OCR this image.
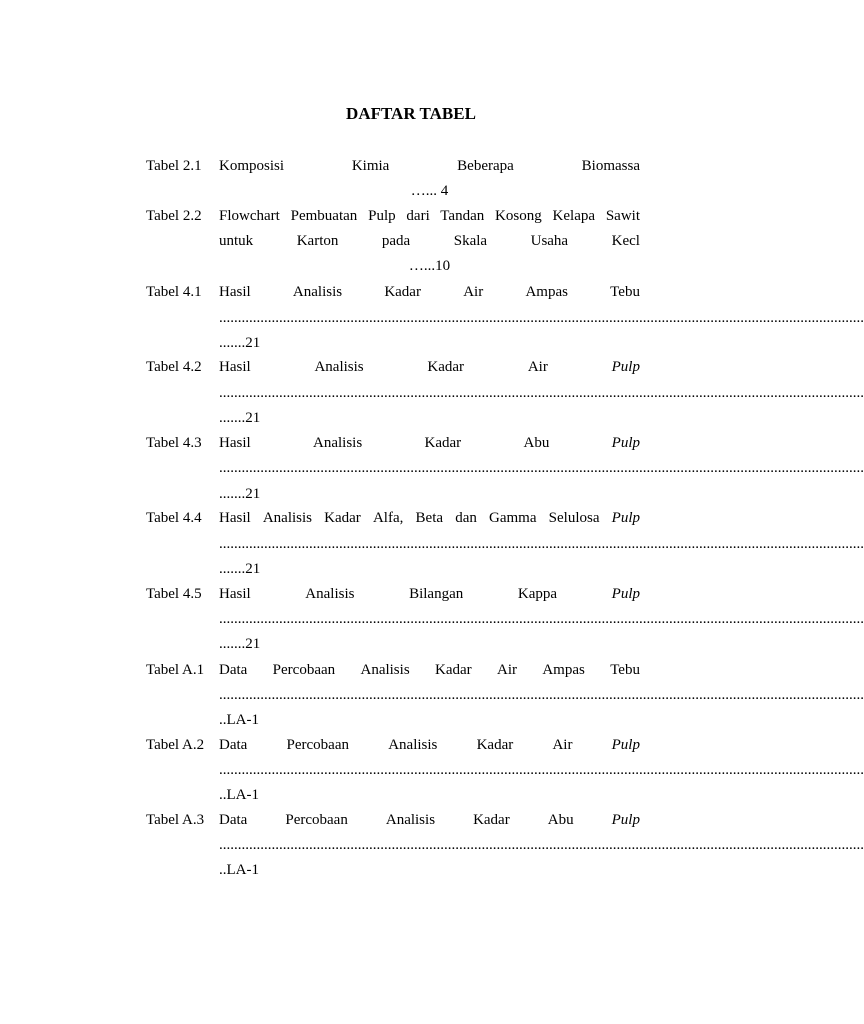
DAFTAR TABEL
Tabel 2.1 Komposisi	Kimia	Beberapa	Biomassa
…... 4
Tabel 2.2 Flowchart Pembuatan Pulp dari Tandan Kosong Kelapa Sawit
untuk	Karton	pada	Skala	Usaha	Kecl
…...10
Tabel 4.1 Hasil	Analisis	Kadar	Air	Ampas	Tebu
............................................................................................................................................................................
.......21
Tabel 4.2 Hasil	Analisis	Kadar	Air	Pulp
............................................................................................................................................................................
.......21
Tabel 4.3 Hasil	Analisis	Kadar	Abu	Pulp
............................................................................................................................................................................
.......21
Tabel 4.4 Hasil Analisis Kadar Alfa, Beta dan Gamma Selulosa Pulp
............................................................................................................................................................................
.......21
Tabel 4.5 Hasil	Analisis	Bilangan	Kappa	Pulp
............................................................................................................................................................................
.......21
Tabel A.1 Data Percobaan Analisis Kadar Air Ampas Tebu
............................................................................................................................................................................
..LA-1
Tabel A.2 Data	Percobaan	Analisis	Kadar	Air	Pulp
............................................................................................................................................................................
..LA-1
Tabel A.3 Data	Percobaan	Analisis	Kadar	Abu	Pulp
............................................................................................................................................................................
..LA-1
